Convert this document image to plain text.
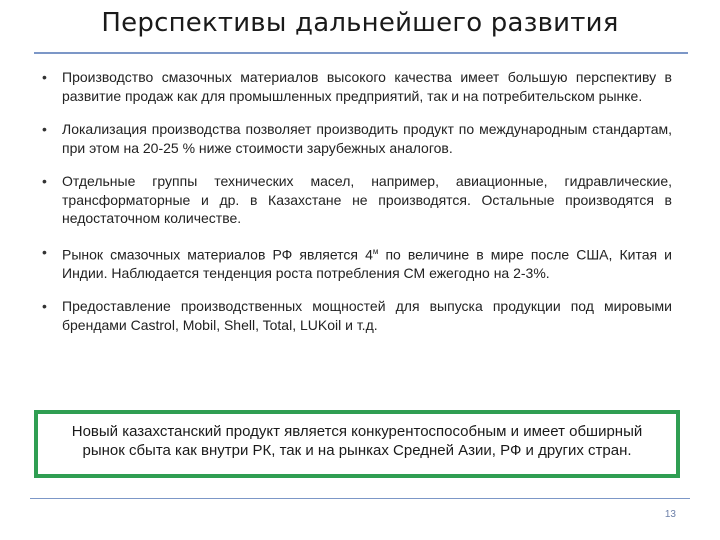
Перспективы дальнейшего развития
• Производство смазочных материалов высокого качества имеет большую перспективу в развитие продаж как для промышленных предприятий, так и на потребительском рынке.
• Локализация производства позволяет производить продукт по международным стандартам, при этом на 20-25 % ниже стоимости зарубежных аналогов.
• Отдельные группы технических масел, например, авиационные, гидравлические, трансформаторные и др. в Казахстане не производятся. Остальные производятся в недостаточном количестве.
• Рынок смазочных материалов РФ является $4^м$ по величине в мире после США, Китая и Индии. Наблюдается тенденция роста потребления СМ ежегодно на 2-3%.
• Предоставление производственных мощностей для выпуска продукции под мировыми брендами Castrol, Mobil, Shell, Total, LUKoil и т.д.
Новый казахстанский продукт является конкурентоспособным и имеет обширный рынок сбыта как внутри РК, так и на рынках Средней Азии, РФ и других стран.
13
